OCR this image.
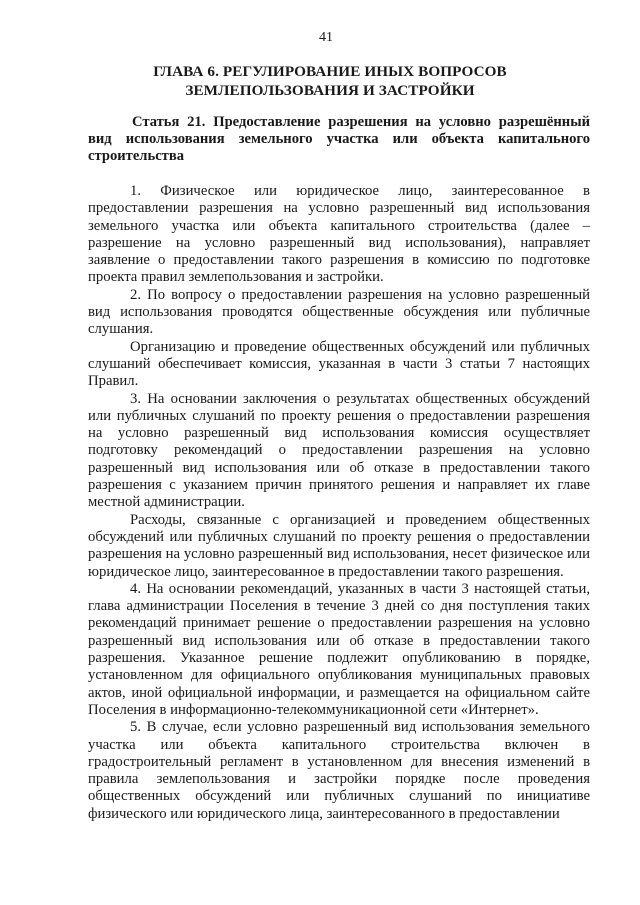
41
ГЛАВА 6. РЕГУЛИРОВАНИЕ ИНЫХ ВОПРОСОВ
ЗЕМЛЕПОЛЬЗОВАНИЯ И ЗАСТРОЙКИ
Статья 21. Предоставление разрешения на условно разрешённый вид использования земельного участка или объекта капитального строительства

1. Физическое или юридическое лицо, заинтересованное в предоставлении разрешения на условно разрешенный вид использования земельного участка или объекта капитального строительства (далее – разрешение на условно разрешенный вид использования), направляет заявление о предоставлении такого разрешения в комиссию по подготовке проекта правил землепользования и застройки.

2. По вопросу о предоставлении разрешения на условно разрешенный вид использования проводятся общественные обсуждения или публичные слушания.

Организацию и проведение общественных обсуждений или публичных слушаний обеспечивает комиссия, указанная в части 3 статьи 7 настоящих Правил.

3. На основании заключения о результатах общественных обсуждений или публичных слушаний по проекту решения о предоставлении разрешения на условно разрешенный вид использования комиссия осуществляет подготовку рекомендаций о предоставлении разрешения на условно разрешенный вид использования или об отказе в предоставлении такого разрешения с указанием причин принятого решения и направляет их главе местной администрации.

Расходы, связанные с организацией и проведением общественных обсуждений или публичных слушаний по проекту решения о предоставлении разрешения на условно разрешенный вид использования, несет физическое или юридическое лицо, заинтересованное в предоставлении такого разрешения.

4. На основании рекомендаций, указанных в части 3 настоящей статьи, глава администрации Поселения в течение 3 дней со дня поступления таких рекомендаций принимает решение о предоставлении разрешения на условно разрешенный вид использования или об отказе в предоставлении такого разрешения. Указанное решение подлежит опубликованию в порядке, установленном для официального опубликования муниципальных правовых актов, иной официальной информации, и размещается на официальном сайте Поселения в информационно-телекоммуникационной сети «Интернет».

5. В случае, если условно разрешенный вид использования земельного участка или объекта капитального строительства включен в градостроительный регламент в установленном для внесения изменений в правила землепользования и застройки порядке после проведения общественных обсуждений или публичных слушаний по инициативе физического или юридического лица, заинтересованного в предоставлении
